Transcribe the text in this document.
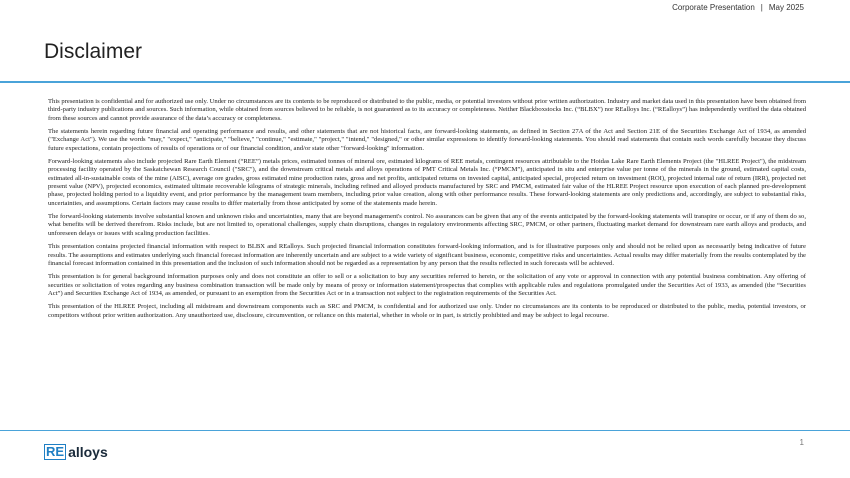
Corporate Presentation | May 2025
Disclaimer

This presentation is confidential and for authorized use only. Under no circumstances are its contents to be reproduced or distributed to the public, media, or potential investors without prior written authorization. Industry and market data used in this presentation have been obtained from third-party industry publications and sources. Such information, while obtained from sources believed to be reliable, is not guaranteed as to its accuracy or completeness. Neither Blackboxstocks Inc. (“BLBX”) nor REalloys Inc. (“REalloys”) has independently verified the data obtained from these sources and cannot provide assurance of the data’s accuracy or completeness.

The statements herein regarding future financial and operating performance and results, and other statements that are not historical facts, are forward-looking statements, as defined in Section 27A of the Act and Section 21E of the Securities Exchange Act of 1934, as amended ("Exchange Act"). We use the words "may," "expect," "anticipate," "believe," "continue," "estimate," "project," "intend," "designed," or other similar expressions to identify forward-looking statements. You should read statements that contain such words carefully because they discuss future expectations, contain projections of results of operations or of our financial condition, and/or state other "forward-looking" information.

Forward-looking statements also include projected Rare Earth Element (“REE”) metals prices, estimated tonnes of mineral ore, estimated kilograms of REE metals, contingent resources attributable to the Hoidas Lake Rare Earth Elements Project (the "HLREE Project"), the midstream processing facility operated by the Saskatchewan Research Council ("SRC"), and the downstream critical metals and alloys operations of PMT Critical Metals Inc. (“PMCM”), anticipated in situ and enterprise value per tonne of the minerals in the ground, estimated capital costs, estimated all-in-sustainable costs of the mine (AISC), average ore grades, gross estimated mine production rates, gross and net profits, anticipated returns on invested capital, anticipated special, projected return on investment (ROI), projected internal rate of return (IRR), projected net present value (NPV), projected economics, estimated ultimate recoverable kilograms of strategic minerals, including refined and alloyed products manufactured by SRC and PMCM, estimated fair value of the HLREE Project resource upon execution of each planned pre-development phase, projected holding period to a liquidity event, and prior performance by the management team members, including prior value creation, along with other performance results. These forward-looking statements are only predictions and, accordingly, are subject to substantial risks, uncertainties, and assumptions. Certain factors may cause results to differ materially from those anticipated by some of the statements made herein.

The forward-looking statements involve substantial known and unknown risks and uncertainties, many that are beyond management's control. No assurances can be given that any of the events anticipated by the forward-looking statements will transpire or occur, or if any of them do so, what benefits will be derived therefrom. Risks include, but are not limited to, operational challenges, supply chain disruptions, changes in regulatory environments affecting SRC, PMCM, or other partners, fluctuating market demand for downstream rare earth alloys and products, and unforeseen delays or issues with scaling production facilities.

This presentation contains projected financial information with respect to BLBX and REalloys. Such projected financial information constitutes forward-looking information, and is for illustrative purposes only and should not be relied upon as necessarily being indicative of future results. The assumptions and estimates underlying such financial forecast information are inherently uncertain and are subject to a wide variety of significant business, economic, competitive risks and uncertainties. Actual results may differ materially from the results contemplated by the financial forecast information contained in this presentation and the inclusion of such information should not be regarded as a representation by any person that the results reflected in such forecasts will be achieved.

This presentation is for general background information purposes only and does not constitute an offer to sell or a solicitation to buy any securities referred to herein, or the solicitation of any vote or approval in connection with any potential business combination. Any offering of securities or solicitation of votes regarding any business combination transaction will be made only by means of proxy or information statement/prospectus that complies with applicable rules and regulations promulgated under the Securities Act of 1933, as amended (the “Securities Act”) and Securities Exchange Act of 1934, as amended, or pursuant to an exemption from the Securities Act or in a transaction not subject to the registration requirements of the Securities Act.

This presentation of the HLREE Project, including all midstream and downstream components such as SRC and PMCM, is confidential and for authorized use only. Under no circumstances are its contents to be reproduced or distributed to the public, media, potential investors, or competitors without prior written authorization. Any unauthorized use, disclosure, circumvention, or reliance on this material, whether in whole or in part, is strictly prohibited and may be subject to legal recourse.

1
RE alloys
